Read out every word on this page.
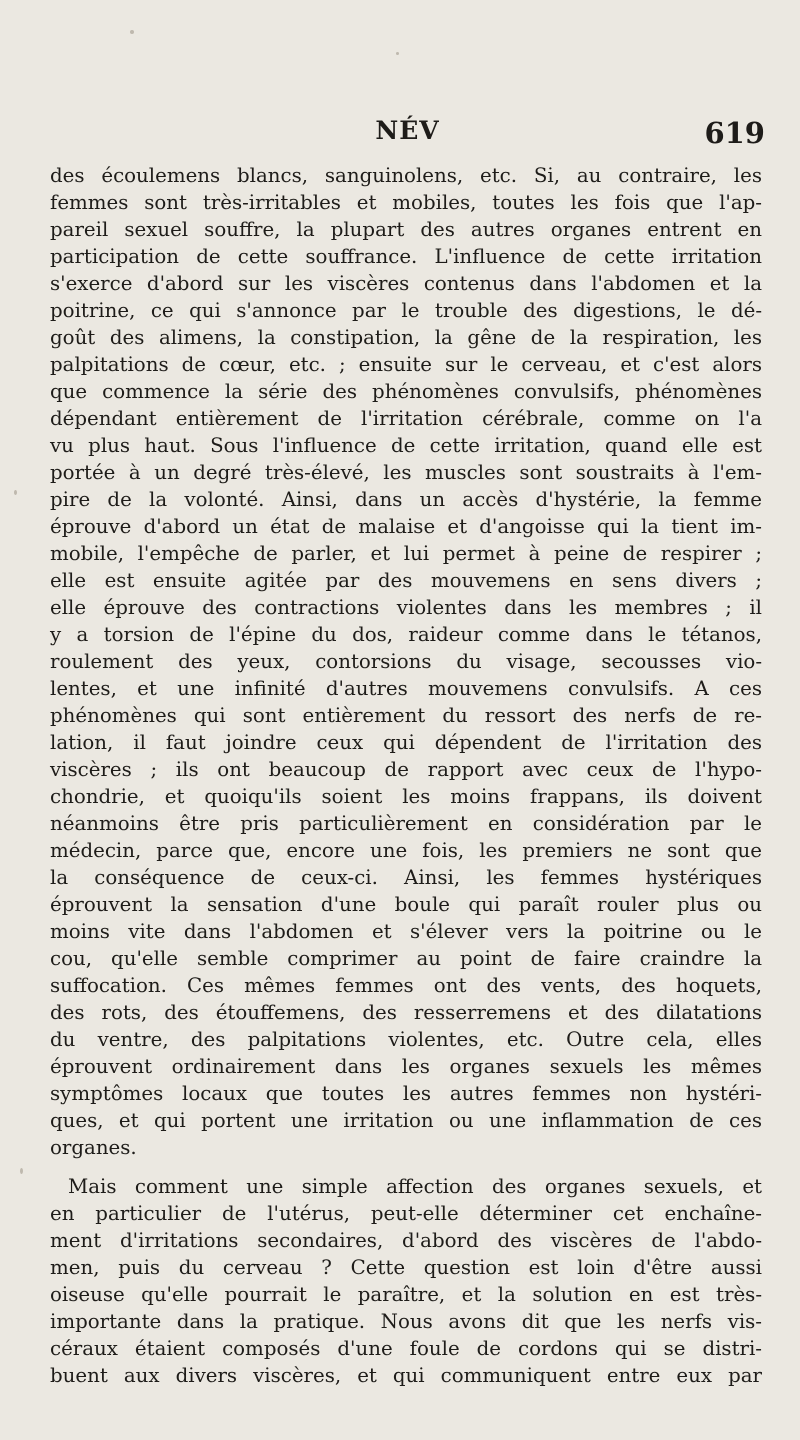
NÉV	619
des écoulemens blancs, sanguinolens, etc. Si, au contraire, les
femmes sont très-irritables et mobiles, toutes les fois que l'ap-
pareil sexuel souffre, la plupart des autres organes entrent en
participation de cette souffrance. L'influence de cette irritation
s'exerce d'abord sur les viscères contenus dans l'abdomen et la
poitrine, ce qui s'annonce par le trouble des digestions, le dé-
goût des alimens, la constipation, la gêne de la respiration, les
palpitations de cœur, etc. ; ensuite sur le cerveau, et c'est alors
que commence la série des phénomènes convulsifs, phénomènes
dépendant entièrement de l'irritation cérébrale, comme on l'a
vu plus haut. Sous l'influence de cette irritation, quand elle est
portée à un degré très-élevé, les muscles sont soustraits à l'em-
pire de la volonté. Ainsi, dans un accès d'hystérie, la femme
éprouve d'abord un état de malaise et d'angoisse qui la tient im-
mobile, l'empêche de parler, et lui permet à peine de respirer ;
elle est ensuite agitée par des mouvemens en sens divers ;
elle éprouve des contractions violentes dans les membres ; il
y a torsion de l'épine du dos, raideur comme dans le tétanos,
roulement des yeux, contorsions du visage, secousses vio-
lentes, et une infinité d'autres mouvemens convulsifs. A ces
phénomènes qui sont entièrement du ressort des nerfs de re-
lation, il faut joindre ceux qui dépendent de l'irritation des
viscères ; ils ont beaucoup de rapport avec ceux de l'hypo-
chondrie, et quoiqu'ils soient les moins frappans, ils doivent
néanmoins être pris particulièrement en considération par le
médecin, parce que, encore une fois, les premiers ne sont que
la conséquence de ceux-ci. Ainsi, les femmes hystériques
éprouvent la sensation d'une boule qui paraît rouler plus ou
moins vite dans l'abdomen et s'élever vers la poitrine ou le
cou, qu'elle semble comprimer au point de faire craindre la
suffocation. Ces mêmes femmes ont des vents, des hoquets,
des rots, des étouffemens, des resserremens et des dilatations
du ventre, des palpitations violentes, etc. Outre cela, elles
éprouvent ordinairement dans les organes sexuels les mêmes
symptômes locaux que toutes les autres femmes non hystéri-
ques, et qui portent une irritation ou une inflammation de ces
organes.
Mais comment une simple affection des organes sexuels, et
en particulier de l'utérus, peut-elle déterminer cet enchaîne-
ment d'irritations secondaires, d'abord des viscères de l'abdo-
men, puis du cerveau ? Cette question est loin d'être aussi
oiseuse qu'elle pourrait le paraître, et la solution en est très-
importante dans la pratique. Nous avons dit que les nerfs vis-
céraux étaient composés d'une foule de cordons qui se distri-
buent aux divers viscères, et qui communiquent entre eux par
